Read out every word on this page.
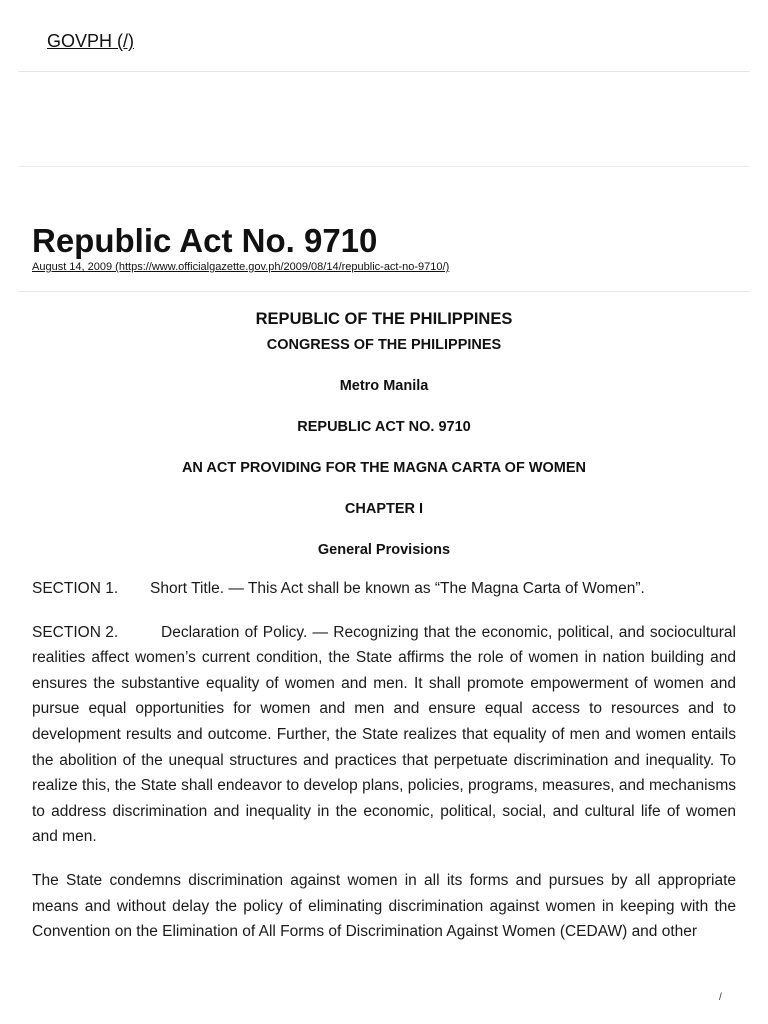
GOVPH (/)
Republic Act No. 9710
August 14, 2009 (https://www.officialgazette.gov.ph/2009/08/14/republic-act-no-9710/)

REPUBLIC OF THE PHILIPPINES

CONGRESS OF THE PHILIPPINES

Metro Manila

REPUBLIC ACT NO. 9710

AN ACT PROVIDING FOR THE MAGNA CARTA OF WOMEN

CHAPTER I

General Provisions

SECTION 1. Short Title. — This Act shall be known as “The Magna Carta of Women”.

SECTION 2.	Declaration of Policy. — Recognizing that the economic, political, and sociocultural realities affect women’s current condition, the State affirms the role of women in nation building and ensures the substantive equality of women and men. It shall promote empowerment of women and pursue equal opportunities for women and men and ensure equal access to resources and to development results and outcome. Further, the State realizes that equality of men and women entails the abolition of the unequal structures and practices that perpetuate discrimination and inequality. To realize this, the State shall endeavor to develop plans, policies, programs, measures, and mechanisms to address discrimination and inequality in the economic, political, social, and cultural life of women and men.

The State condemns discrimination against women in all its forms and pursues by all appropriate means and without delay the policy of eliminating discrimination against women in keeping with the Convention on the Elimination of All Forms of Discrimination Against Women (CEDAW) and other

/
